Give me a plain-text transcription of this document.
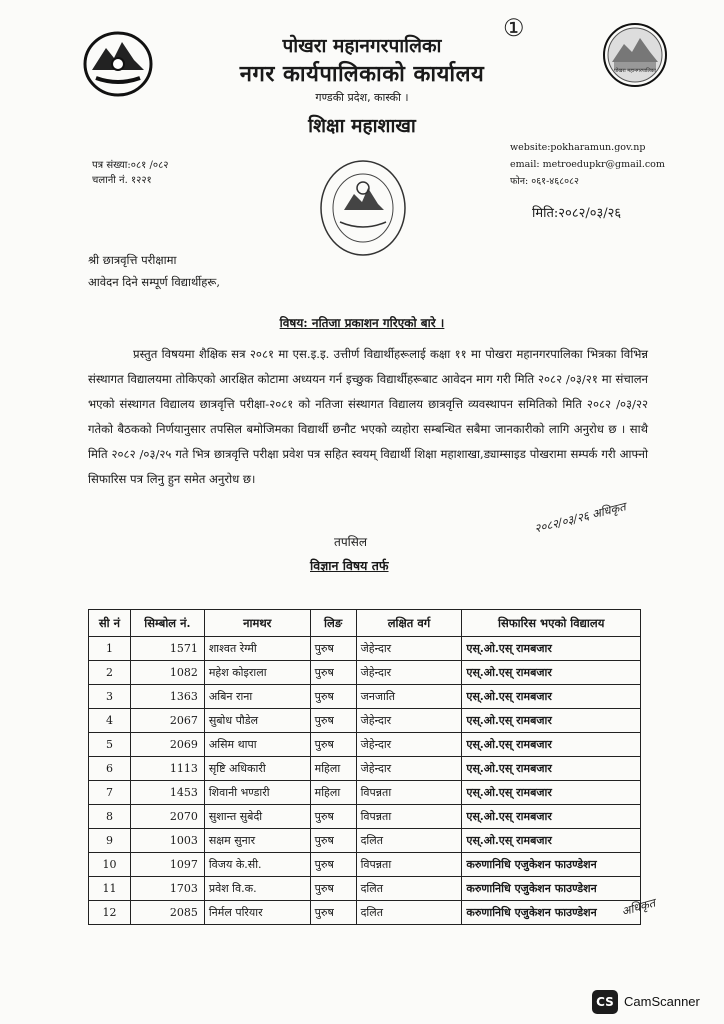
पोखरा महानगरपालिका
पोखरा महानगरपालिका
नगर कार्यपालिकाको कार्यालय
गण्डकी प्रदेश, कास्की ।
शिक्षा महाशाखा
①
website:pokharamun.gov.np
email: metroedupkr@gmail.com
फोन: ०६१-४६८०८२
पत्र संख्या:०८१ /०८२
चलानी नं. १२२१
मिति:२०८२/०३/२६
श्री छात्रवृत्ति परीक्षामा
आवेदन दिने सम्पूर्ण विद्यार्थीहरू,
विषय: नतिजा प्रकाशन गरिएको बारे ।
प्रस्तुत विषयमा शैक्षिक सत्र २०८१ मा एस.इ.इ. उत्तीर्ण विद्यार्थीहरूलाई कक्षा ११ मा पोखरा महानगरपालिका भित्रका विभिन्न संस्थागत विद्यालयमा तोकिएको आरक्षित कोटामा अध्ययन गर्न इच्छुक विद्यार्थीहरूबाट आवेदन माग गरी मिति २०८२ /०३/२१ मा संचालन भएको संस्थागत विद्यालय छात्रवृत्ति परीक्षा-२०८१ को नतिजा संस्थागत विद्यालय छात्रवृत्ति व्यवस्थापन समितिको मिति २०८२ /०३/२२ गतेको बैठकको निर्णयानुसार तपसिल बमोजिमका विद्यार्थी छनौट भएको व्यहोरा सम्बन्धित सबैमा जानकारीको लागि अनुरोध छ । साथै मिति २०८२ /०३/२५ गते भित्र छात्रवृत्ति परीक्षा प्रवेश पत्र सहित स्वयम् विद्यार्थी शिक्षा महाशाखा,ड्याम्साइड पोखरामा सम्पर्क गरी आफ्नो सिफारिस पत्र लिनु हुन समेत अनुरोध छ।
तपसिल
विज्ञान विषय तर्फ
२०८२/०३/२६ अधिकृत
सी नं	सिम्बोल नं.	नामथर	लिङ	लक्षित वर्ग	सिफारिस भएको विद्यालय
1	1571	शाश्वत रेग्मी	पुरुष	जेहेन्दार	एस्.ओ.एस् रामबजार
2	1082	महेश कोइराला	पुरुष	जेहेन्दार	एस्.ओ.एस् रामबजार
3	1363	अबिन राना	पुरुष	जनजाति	एस्.ओ.एस् रामबजार
4	2067	सुबोध पौडेल	पुरुष	जेहेन्दार	एस्.ओ.एस् रामबजार
5	2069	असिम थापा	पुरुष	जेहेन्दार	एस्.ओ.एस् रामबजार
6	1113	सृष्टि अधिकारी	महिला	जेहेन्दार	एस्.ओ.एस् रामबजार
7	1453	शिवानी भण्डारी	महिला	विपन्नता	एस्.ओ.एस् रामबजार
8	2070	सुशान्त सुबेदी	पुरुष	विपन्नता	एस्.ओ.एस् रामबजार
9	1003	सक्षम सुनार	पुरुष	दलित	एस्.ओ.एस् रामबजार
10	1097	विजय के.सी.	पुरुष	विपन्नता	करुणानिधि एजुकेशन फाउण्डेशन
11	1703	प्रवेश वि.क.	पुरुष	दलित	करुणानिधि एजुकेशन फाउण्डेशन
12	2085	निर्मल परियार	पुरुष	दलित	करुणानिधि एजुकेशन फाउण्डेशन अधिकृत
CS CamScanner
